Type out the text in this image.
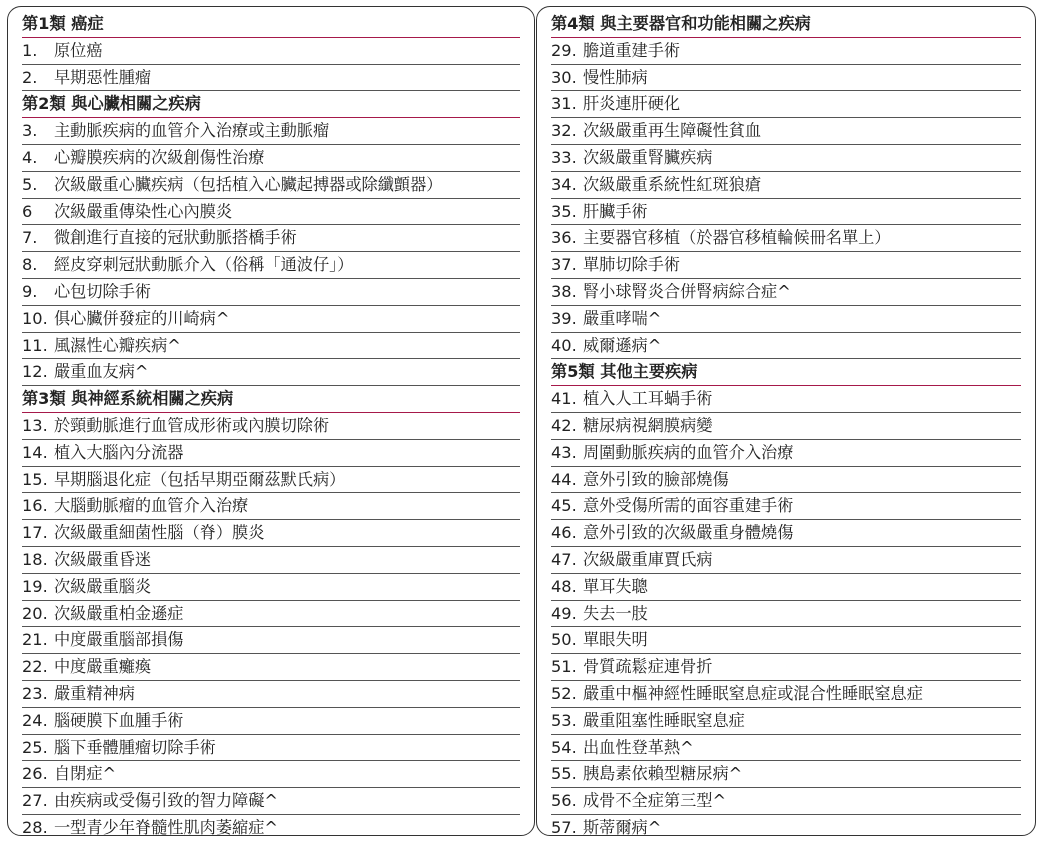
第1類 癌症
1. 原位癌
2. 早期惡性腫瘤
第2類 與心臟相關之疾病
3. 主動脈疾病的血管介入治療或主動脈瘤
4. 心瓣膜疾病的次級創傷性治療
5. 次級嚴重心臟疾病（包括植入心臟起搏器或除纖顫器）
6 次級嚴重傳染性心內膜炎
7. 微創進行直接的冠狀動脈搭橋手術
8. 經皮穿刺冠狀動脈介入（俗稱「通波仔」）
9. 心包切除手術
10. 俱心臟併發症的川崎病^
11. 風濕性心瓣疾病^
12. 嚴重血友病^
第3類 與神經系統相關之疾病
13. 於頸動脈進行血管成形術或內膜切除術
14. 植入大腦內分流器
15. 早期腦退化症（包括早期亞爾茲默氏病）
16. 大腦動脈瘤的血管介入治療
17. 次級嚴重細菌性腦（脊）膜炎
18. 次級嚴重昏迷
19. 次級嚴重腦炎
20. 次級嚴重柏金遜症
21. 中度嚴重腦部損傷
22. 中度嚴重癱瘓
23. 嚴重精神病
24. 腦硬膜下血腫手術
25. 腦下垂體腫瘤切除手術
26. 自閉症^
27. 由疾病或受傷引致的智力障礙^
28. 一型青少年脊髓性肌肉萎縮症^
第4類 與主要器官和功能相關之疾病
29. 膽道重建手術
30. 慢性肺病
31. 肝炎連肝硬化
32. 次級嚴重再生障礙性貧血
33. 次級嚴重腎臟疾病
34. 次級嚴重系統性紅斑狼瘡
35. 肝臟手術
36. 主要器官移植（於器官移植輪候冊名單上）
37. 單肺切除手術
38. 腎小球腎炎合併腎病綜合症^
39. 嚴重哮喘^
40. 威爾遜病^
第5類 其他主要疾病
41. 植入人工耳蝸手術
42. 糖尿病視網膜病變
43. 周圍動脈疾病的血管介入治療
44. 意外引致的臉部燒傷
45. 意外受傷所需的面容重建手術
46. 意外引致的次級嚴重身體燒傷
47. 次級嚴重庫賈氏病
48. 單耳失聰
49. 失去一肢
50. 單眼失明
51. 骨質疏鬆症連骨折
52. 嚴重中樞神經性睡眠窒息症或混合性睡眠窒息症
53. 嚴重阻塞性睡眠窒息症
54. 出血性登革熱^
55. 胰島素依賴型糖尿病^
56. 成骨不全症第三型^
57. 斯蒂爾病^
